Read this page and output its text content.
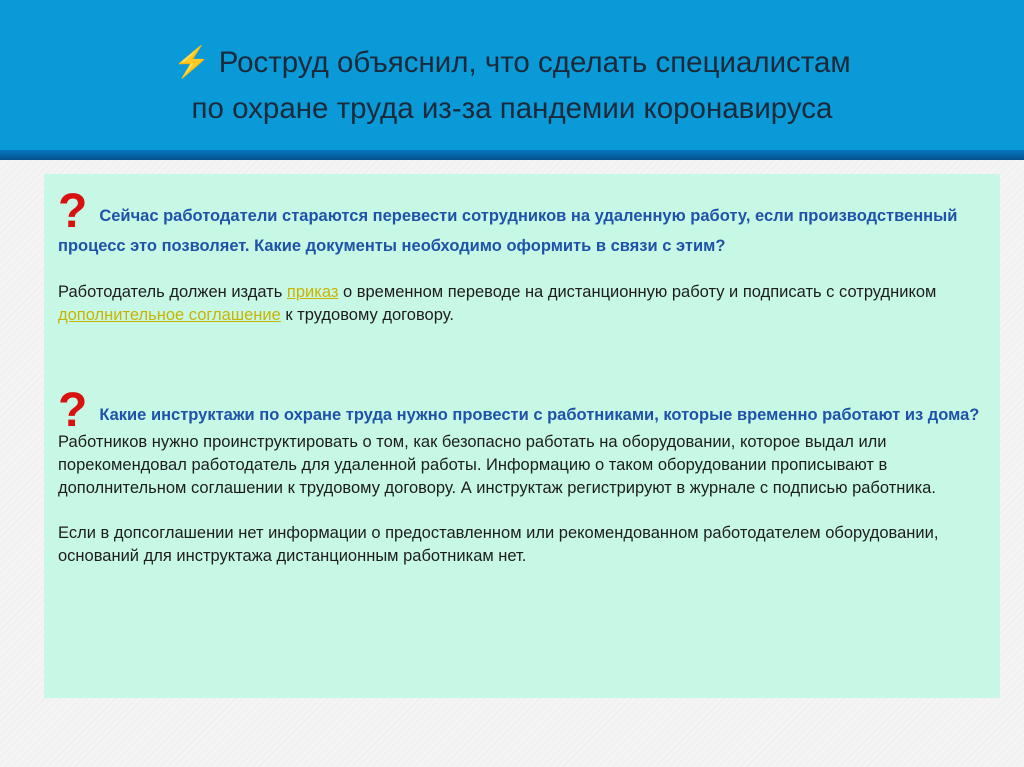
⚡ Роструд объяснил, что сделать специалистам
по охране труда из-за пандемии коронавируса

? Сейчас работодатели стараются перевести сотрудников на удаленную работу, если производственный процесс это позволяет. Какие документы необходимо оформить в связи с этим?

Работодатель должен издать приказ о временном переводе на дистанционную работу и подписать с сотрудником дополнительное соглашение к трудовому договору.

? Какие инструктажи по охране труда нужно провести с работниками, которые временно работают из дома?

Работников нужно проинструктировать о том, как безопасно работать на оборудовании, которое выдал или порекомендовал работодатель для удаленной работы. Информацию о таком оборудовании прописывают в дополнительном соглашении к трудовому договору. А инструктаж регистрируют в журнале с подписью работника.

Если в допсоглашении нет информации о предоставленном или рекомендованном работодателем оборудовании, оснований для инструктажа дистанционным работникам нет.
